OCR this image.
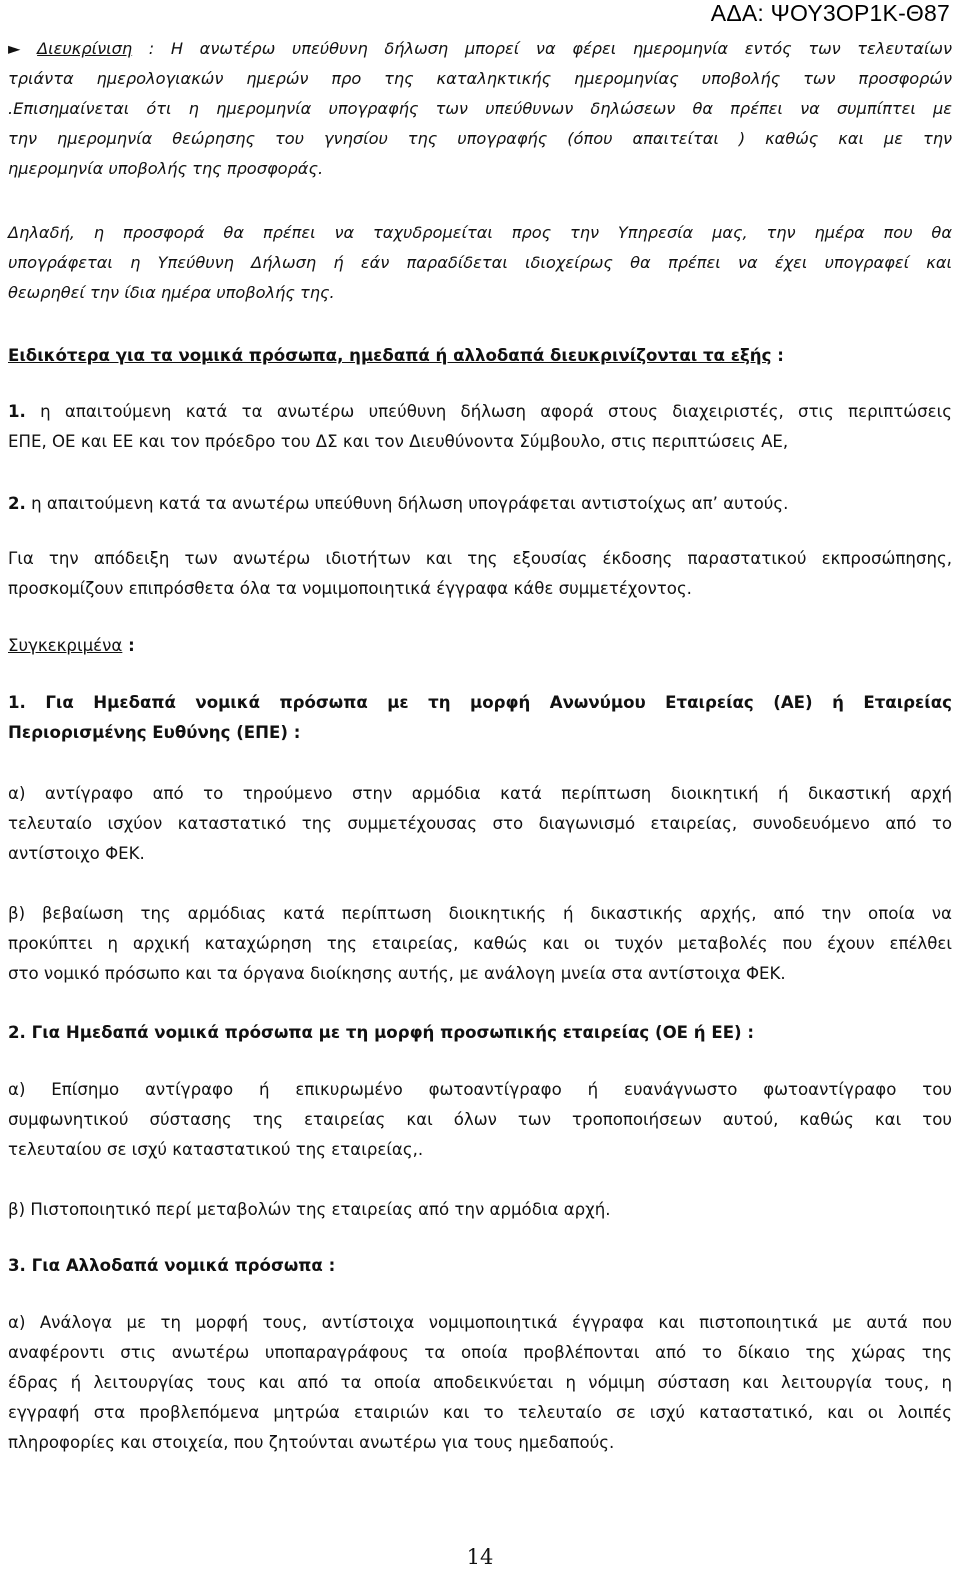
ΑΔΑ: ΨΟΥ3ΟΡ1Κ-Θ87
► Διευκρίνιση : Η ανωτέρω υπεύθυνη δήλωση μπορεί να φέρει ημερομηνία εντός των τελευταίων
τριάντα ημερολογιακών ημερών προ της καταληκτικής ημερομηνίας υποβολής των προσφορών
.Επισημαίνεται ότι η ημερομηνία υπογραφής των υπεύθυνων δηλώσεων θα πρέπει να συμπίπτει με
την ημερομηνία θεώρησης του γνησίου της υπογραφής (όπου απαιτείται ) καθώς και με την
ημερομηνία υποβολής της προσφοράς.
Δηλαδή, η προσφορά θα πρέπει να ταχυδρομείται προς την Υπηρεσία μας, την ημέρα που θα
υπογράφεται η Υπεύθυνη Δήλωση ή εάν παραδίδεται ιδιοχείρως θα πρέπει να έχει υπογραφεί και
θεωρηθεί την ίδια ημέρα υποβολής της.
Ειδικότερα για τα νομικά πρόσωπα, ημεδαπά ή αλλοδαπά διευκρινίζονται τα εξής :
1. η απαιτούμενη κατά τα ανωτέρω υπεύθυνη δήλωση αφορά στους διαχειριστές, στις περιπτώσεις
ΕΠΕ, ΟΕ και ΕΕ και τον πρόεδρο του ΔΣ και τον Διευθύνοντα Σύμβουλο, στις περιπτώσεις ΑΕ,
2. η απαιτούμενη κατά τα ανωτέρω υπεύθυνη δήλωση υπογράφεται αντιστοίχως απ’ αυτούς.
Για την απόδειξη των ανωτέρω ιδιοτήτων και της εξουσίας έκδοσης παραστατικού εκπροσώπησης,
προσκομίζουν επιπρόσθετα όλα τα νομιμοποιητικά έγγραφα κάθε συμμετέχοντος.
Συγκεκριμένα :
1. Για Ημεδαπά νομικά πρόσωπα με τη μορφή Ανωνύμου Εταιρείας (ΑΕ) ή Εταιρείας
Περιορισμένης Ευθύνης (ΕΠΕ) :
α) αντίγραφο από το τηρούμενο στην αρμόδια κατά περίπτωση διοικητική ή δικαστική αρχή
τελευταίο ισχύον καταστατικό της συμμετέχουσας στο διαγωνισμό εταιρείας, συνοδευόμενο από το
αντίστοιχο ΦΕΚ.
β) βεβαίωση της αρμόδιας κατά περίπτωση διοικητικής ή δικαστικής αρχής, από την οποία να
προκύπτει η αρχική καταχώρηση της εταιρείας, καθώς και οι τυχόν μεταβολές που έχουν επέλθει
στο νομικό πρόσωπο και τα όργανα διοίκησης αυτής, με ανάλογη μνεία στα αντίστοιχα ΦΕΚ.
2. Για Ημεδαπά νομικά πρόσωπα με τη μορφή προσωπικής εταιρείας (ΟΕ ή ΕΕ) :
α) Επίσημο αντίγραφο ή επικυρωμένο φωτοαντίγραφο ή ευανάγνωστο φωτοαντίγραφο του
συμφωνητικού σύστασης της εταιρείας και όλων των τροποποιήσεων αυτού, καθώς και του
τελευταίου σε ισχύ καταστατικού της εταιρείας,.
β) Πιστοποιητικό περί μεταβολών της εταιρείας από την αρμόδια αρχή.
3. Για Αλλοδαπά νομικά πρόσωπα :
α) Ανάλογα με τη μορφή τους, αντίστοιχα νομιμοποιητικά έγγραφα και πιστοποιητικά με αυτά που
αναφέροντι στις ανωτέρω υποπαραγράφους τα οποία προβλέπονται από το δίκαιο της χώρας της
έδρας ή λειτουργίας τους και από τα οποία αποδεικνύεται η νόμιμη σύσταση και λειτουργία τους, η
εγγραφή στα προβλεπόμενα μητρώα εταιριών και το τελευταίο σε ισχύ καταστατικό, και οι λοιπές
πληροφορίες και στοιχεία, που ζητούνται ανωτέρω για τους ημεδαπούς.
14
